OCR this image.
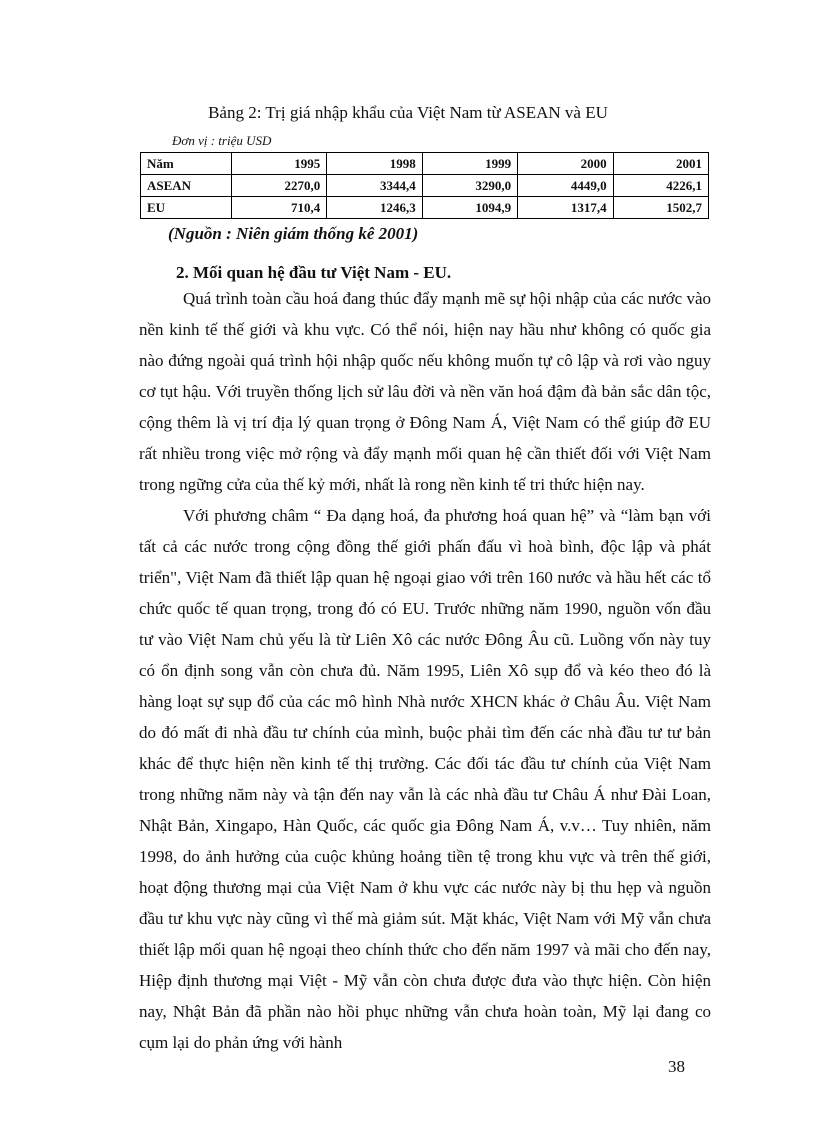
Bảng 2: Trị giá nhập khẩu của Việt Nam từ ASEAN và EU
Đơn vị : triệu USD
Năm	1995	1998	1999	2000	2001
ASEAN	2270,0	3344,4	3290,0	4449,0	4226,1
EU	710,4	1246,3	1094,9	1317,4	1502,7
(Nguồn : Niên giám thống kê 2001)
2. Mối quan hệ đầu tư Việt Nam - EU.

Quá trình toàn cầu hoá đang thúc đẩy mạnh mẽ sự hội nhập của các nước vào nền kinh tế thế giới và khu vực. Có thể nói, hiện nay hầu như không có quốc gia nào đứng ngoài quá trình hội nhập quốc nếu không muốn tự cô lập và rơi vào nguy cơ tụt hậu. Với truyền thống lịch sử lâu đời và nền văn hoá đậm đà bản sắc dân tộc, cộng thêm là vị trí địa lý quan trọng ở Đông Nam Á, Việt Nam có thể giúp đỡ EU rất nhiều trong việc mở rộng và đẩy mạnh mối quan hệ cần thiết đối với Việt Nam trong ngững cửa của thế kỷ mới, nhất là rong nền kinh tế tri thức hiện nay.

Với phương châm “ Đa dạng hoá, đa phương hoá quan hệ” và “làm bạn với tất cả các nước trong cộng đồng thế giới phấn đấu vì hoà bình, độc lập và phát triển", Việt Nam đã thiết lập quan hệ ngoại giao với trên 160 nước và hầu hết các tổ chức quốc tế quan trọng, trong đó có EU. Trước những năm 1990, nguồn vốn đầu tư vào Việt Nam chủ yếu là từ Liên Xô các nước Đông Âu cũ. Luồng vốn này tuy có ổn định song vẫn còn chưa đủ. Năm 1995, Liên Xô sụp đổ và kéo theo đó là hàng loạt sự sụp đổ của các mô hình Nhà nước XHCN khác ở Châu Âu. Việt Nam do đó mất đi nhà đầu tư chính của mình, buộc phải tìm đến các nhà đầu tư tư bản khác để thực hiện nền kinh tế thị trường. Các đối tác đầu tư chính của Việt Nam trong những năm này và tận đến nay vẫn là các nhà đầu tư Châu Á như Đài Loan, Nhật Bản, Xingapo, Hàn Quốc, các quốc gia Đông Nam Á, v.v… Tuy nhiên, năm 1998, do ảnh hưởng của cuộc khủng hoảng tiền tệ trong khu vực và trên thế giới, hoạt động thương mại của Việt Nam ở khu vực các nước này bị thu hẹp và nguồn đầu tư khu vực này cũng vì thế mà giảm sút. Mặt khác, Việt Nam với Mỹ vẫn chưa thiết lập mối quan hệ ngoại theo chính thức cho đến năm 1997 và mãi cho đến nay, Hiệp định thương mại Việt - Mỹ vẫn còn chưa được đưa vào thực hiện. Còn hiện nay, Nhật Bản đã phần nào hồi phục những vẫn chưa hoàn toàn, Mỹ lại đang co cụm lại do phản ứng với hành

38
